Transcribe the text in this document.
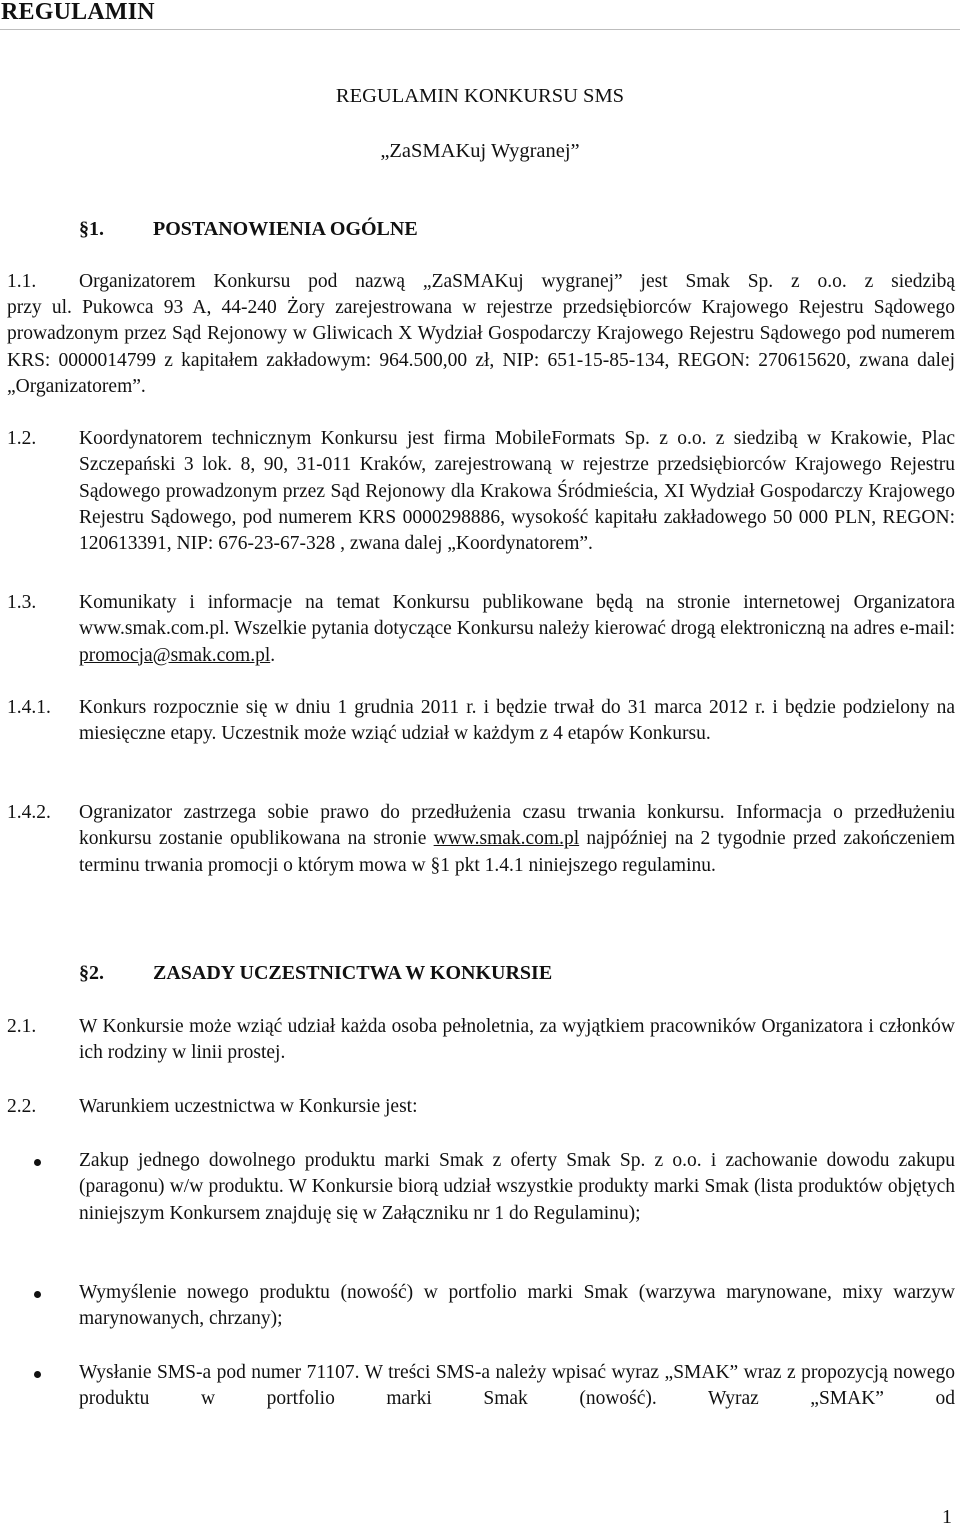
REGULAMIN

REGULAMIN KONKURSU SMS

„ZaSMAKuj Wygranej”

§1. POSTANOWIENIA OGÓLNE

1.1. Organizatorem Konkursu pod nazwą „ZaSMAKuj wygranej” jest Smak Sp. z o.o. z siedzibą

przy ul. Pukowca 93 A, 44-240 Żory zarejestrowana w rejestrze przedsiębiorców Krajowego Rejestru Sądowego prowadzonym przez Sąd Rejonowy w Gliwicach X Wydział Gospodarczy Krajowego Rejestru Sądowego pod numerem KRS: 0000014799 z kapitałem zakładowym: 964.500,00 zł, NIP: 651-15-85-134, REGON: 270615620, zwana dalej „Organizatorem”.

1.2. Koordynatorem technicznym Konkursu jest firma MobileFormats Sp. z o.o. z siedzibą w Krakowie, Plac Szczepański 3 lok. 8, 90, 31-011 Kraków, zarejestrowaną w rejestrze przedsiębiorców Krajowego Rejestru Sądowego prowadzonym przez Sąd Rejonowy dla Krakowa Śródmieścia, XI Wydział Gospodarczy Krajowego Rejestru Sądowego, pod numerem KRS 0000298886, wysokość kapitału zakładowego 50 000 PLN, REGON: 120613391, NIP: 676-23-67-328 , zwana dalej „Koordynatorem”.

1.3. Komunikaty i informacje na temat Konkursu publikowane będą na stronie internetowej Organizatora www.smak.com.pl. Wszelkie pytania dotyczące Konkursu należy kierować drogą elektroniczną na adres e-mail: promocja@smak.com.pl.

1.4.1. Konkurs rozpocznie się w dniu 1 grudnia 2011 r. i będzie trwał do 31 marca 2012 r. i będzie podzielony na miesięczne etapy. Uczestnik może wziąć udział w każdym z 4 etapów Konkursu.

1.4.2. Ogranizator zastrzega sobie prawo do przedłużenia czasu trwania konkursu. Informacja o przedłużeniu konkursu zostanie opublikowana na stronie www.smak.com.pl najpóźniej na 2 tygodnie przed zakończeniem terminu trwania promocji o którym mowa w §1 pkt 1.4.1 niniejszego regulaminu.

§2. ZASADY UCZESTNICTWA W KONKURSIE

2.1. W Konkursie może wziąć udział każda osoba pełnoletnia, za wyjątkiem pracowników Organizatora i członków ich rodziny w linii prostej.

2.2. Warunkiem uczestnictwa w Konkursie jest:

Zakup jednego dowolnego produktu marki Smak z oferty Smak Sp. z o.o. i zachowanie dowodu zakupu (paragonu) w/w produktu. W Konkursie biorą udział wszystkie produkty marki Smak (lista produktów objętych niniejszym Konkursem znajduję się w Załączniku nr 1 do Regulaminu);

Wymyślenie nowego produktu (nowość) w portfolio marki Smak (warzywa marynowane, mixy warzyw marynowanych, chrzany);

Wysłanie SMS-a pod numer 71107. W treści SMS-a należy wpisać wyraz „SMAK” wraz z propozycją nowego produktu w portfolio marki Smak (nowość). Wyraz „SMAK” od

1
